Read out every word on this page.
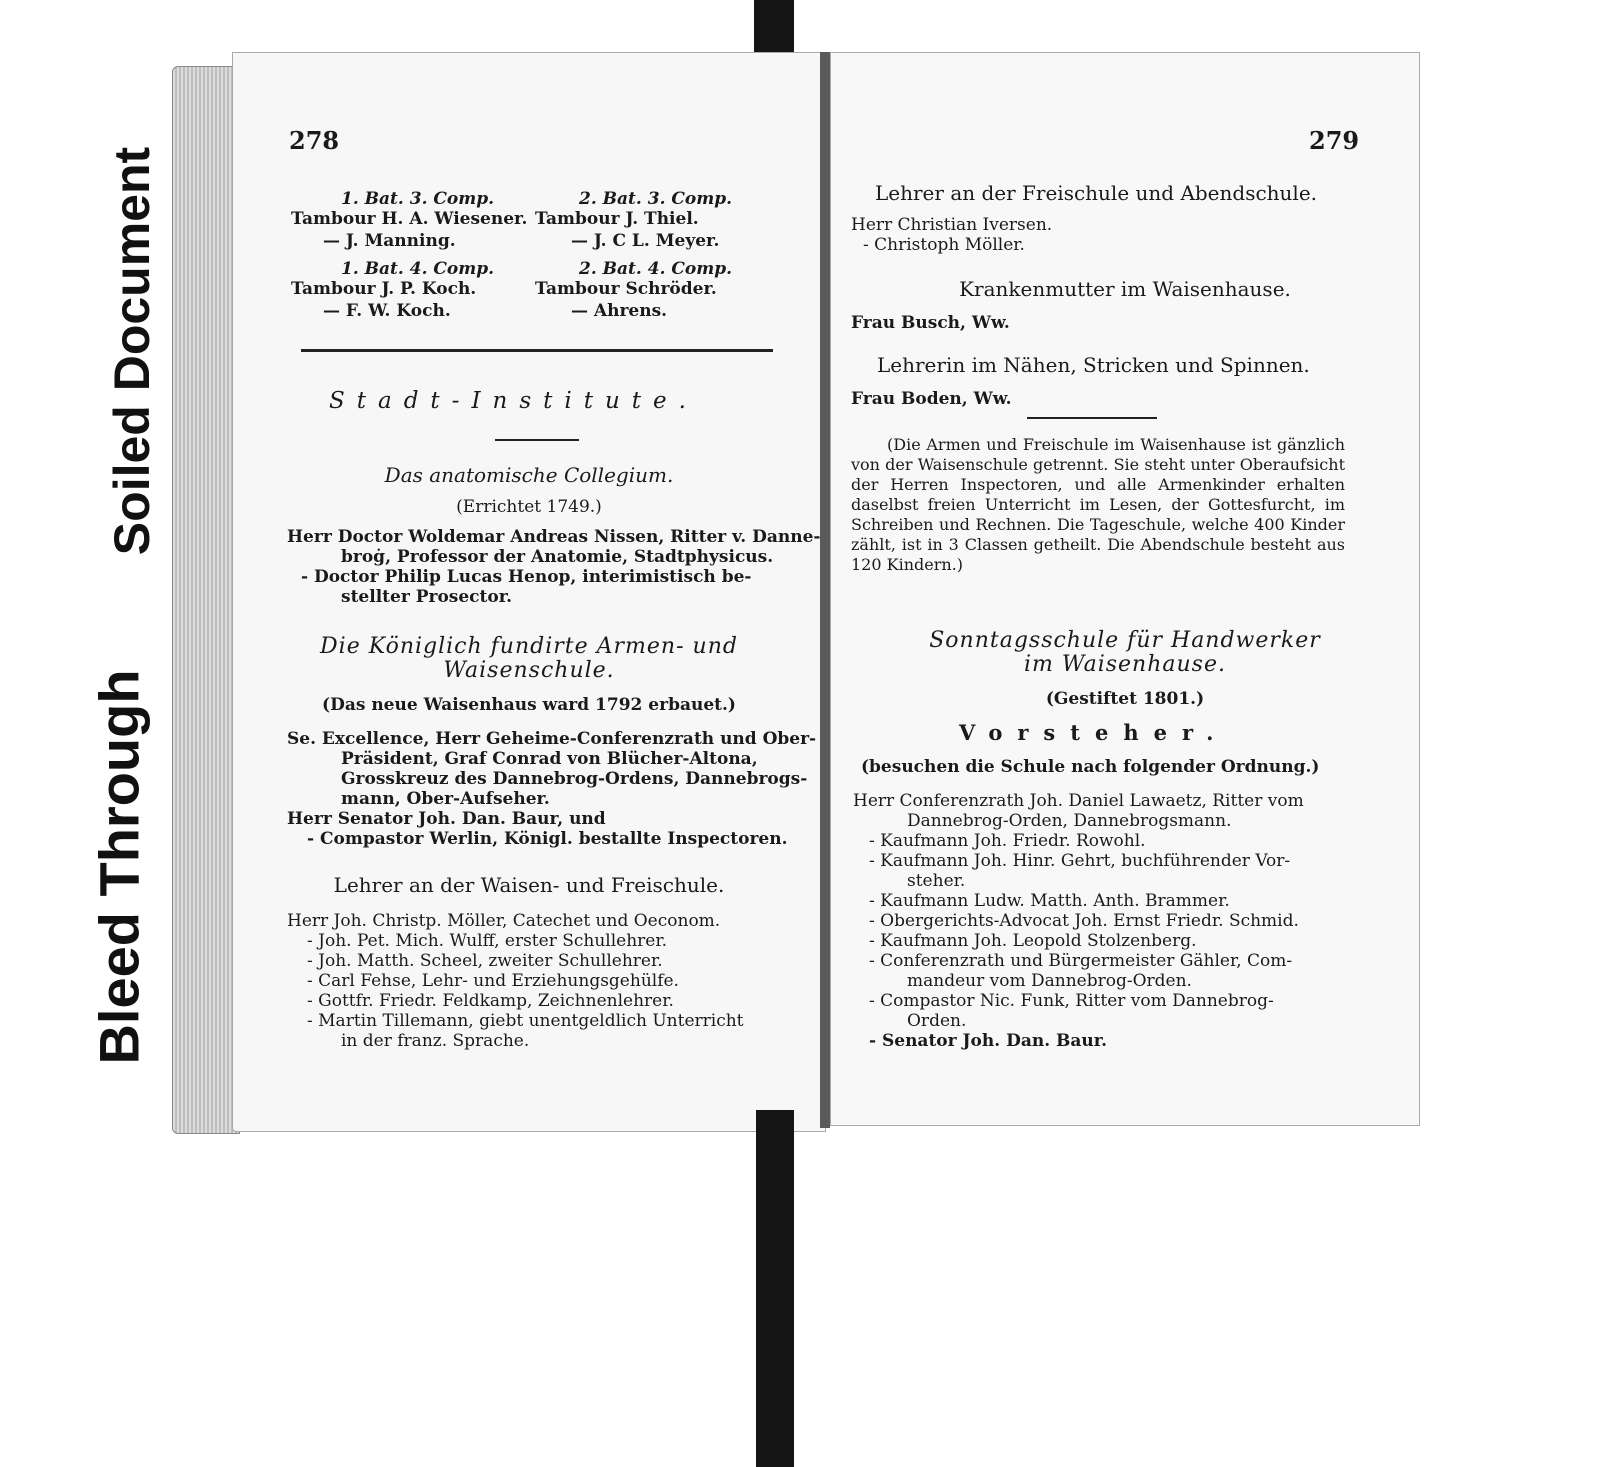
Soiled Document
Bleed Through
278
1. Bat. 3. Comp.
Tambour H. A. Wiesener.
— J. Manning.
2. Bat. 3. Comp.
Tambour J. Thiel.
— J. C L. Meyer.
1. Bat. 4. Comp.
Tambour J. P. Koch.
— F. W. Koch.
2. Bat. 4. Comp.
Tambour Schröder.
— Ahrens.
Stadt-Institute.
Das anatomische Collegium.
(Errichtet 1749.)
Herr Doctor Woldemar Andreas Nissen, Ritter v. Danne-
broġ, Professor der Anatomie, Stadtphysicus.
- Doctor Philip Lucas Henop, interimistisch be-
stellter Prosector.
Die Königlich fundirte Armen- und
Waisenschule.
(Das neue Waisenhaus ward 1792 erbauet.)
Se. Excellence, Herr Geheime-Conferenzrath und Ober-
Präsident, Graf Conrad von Blücher-Altona,
Grosskreuz des Dannebrog-Ordens, Dannebrogs-
mann, Ober-Aufseher.
Herr Senator Joh. Dan. Baur, und
- Compastor Werlin, Königl. bestallte Inspectoren.
Lehrer an der Waisen- und Freischule.
Herr Joh. Christp. Möller, Catechet und Oeconom.
- Joh. Pet. Mich. Wulff, erster Schullehrer.
- Joh. Matth. Scheel, zweiter Schullehrer.
- Carl Fehse, Lehr- und Erziehungsgehülfe.
- Gottfr. Friedr. Feldkamp, Zeichnenlehrer.
- Martin Tillemann, giebt unentgeldlich Unterricht
in der franz. Sprache.
279
Lehrer an der Freischule und Abendschule.
Herr Christian Iversen.
- Christoph Möller.
Krankenmutter im Waisenhause.
Frau Busch, Ww.
Lehrerin im Nähen, Stricken und Spinnen.
Frau Boden, Ww.
(Die Armen und Freischule im Waisenhause ist gänzlich von der Waisenschule getrennt. Sie steht unter Oberaufsicht der Herren Inspectoren, und alle Armenkinder erhalten daselbst freien Unterricht im Lesen, der Gottesfurcht, im Schreiben und Rechnen. Die Tageschule, welche 400 Kinder zählt, ist in 3 Classen getheilt. Die Abendschule besteht aus 120 Kindern.)
Sonntagsschule für Handwerker
im Waisenhause.
(Gestiftet 1801.)
Vorsteher.
(besuchen die Schule nach folgender Ordnung.)
Herr Conferenzrath Joh. Daniel Lawaetz, Ritter vom
Dannebrog-Orden, Dannebrogsmann.
- Kaufmann Joh. Friedr. Rowohl.
- Kaufmann Joh. Hinr. Gehrt, buchführender Vor-
steher.
- Kaufmann Ludw. Matth. Anth. Brammer.
- Obergerichts-Advocat Joh. Ernst Friedr. Schmid.
- Kaufmann Joh. Leopold Stolzenberg.
- Conferenzrath und Bürgermeister Gähler, Com-
mandeur vom Dannebrog-Orden.
- Compastor Nic. Funk, Ritter vom Dannebrog-
Orden.
- Senator Joh. Dan. Baur.
